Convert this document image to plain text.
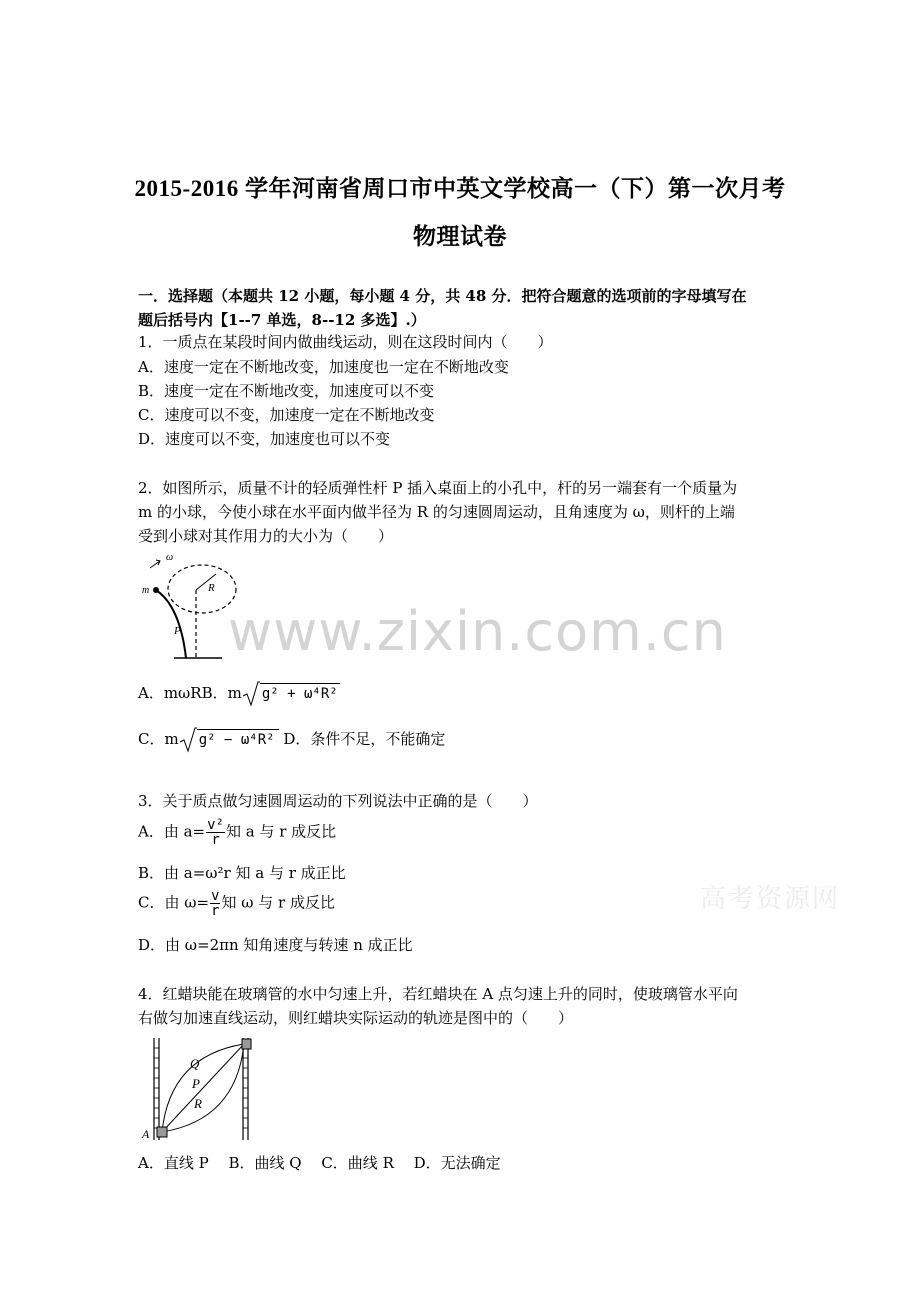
2015-2016 学年河南省周口市中英文学校高一（下）第一次月考
物理试卷
一．选择题（本题共 12 小题，每小题 4 分，共 48 分．把符合题意的选项前的字母填写在
题后括号内【1--7 单选，8--12 多选】.）
1．一质点在某段时间内做曲线运动，则在这段时间内（　　）
A．速度一定在不断地改变，加速度也一定在不断地改变
B．速度一定在不断地改变，加速度可以不变
C．速度可以不变，加速度一定在不断地改变
D．速度可以不变，加速度也可以不变
2．如图所示，质量不计的轻质弹性杆 P 插入桌面上的小孔中，杆的另一端套有一个质量为
m 的小球，今使小球在水平面内做半径为 R 的匀速圆周运动，且角速度为 ω，则杆的上端
受到小球对其作用力的大小为（　　）
ω
m	R
P
A．mωRB．m g² + ω⁴R²
C．m g² − ω⁴R² D．条件不足，不能确定
3．关于质点做匀速圆周运动的下列说法中正确的是（　　）
A．由 $a= \frac{\text{v²}}{r}$ 知 a 与 r 成反比
B．由 a=ω²r 知 a 与 r 成正比
C．由 $\omega= \frac{v}{r}$ 知 ω 与 r 成反比
D．由 ω=2πn 知角速度与转速 n 成正比
4．红蜡块能在玻璃管的水中匀速上升，若红蜡块在 A 点匀速上升的同时，使玻璃管水平向
右做匀加速直线运动，则红蜡块实际运动的轨迹是图中的（　　）
Q
P
R
A
A．直线 P　 B．曲线 Q　 C．曲线 R　 D．无法确定
www.zixin.com.cn
高考资源网
